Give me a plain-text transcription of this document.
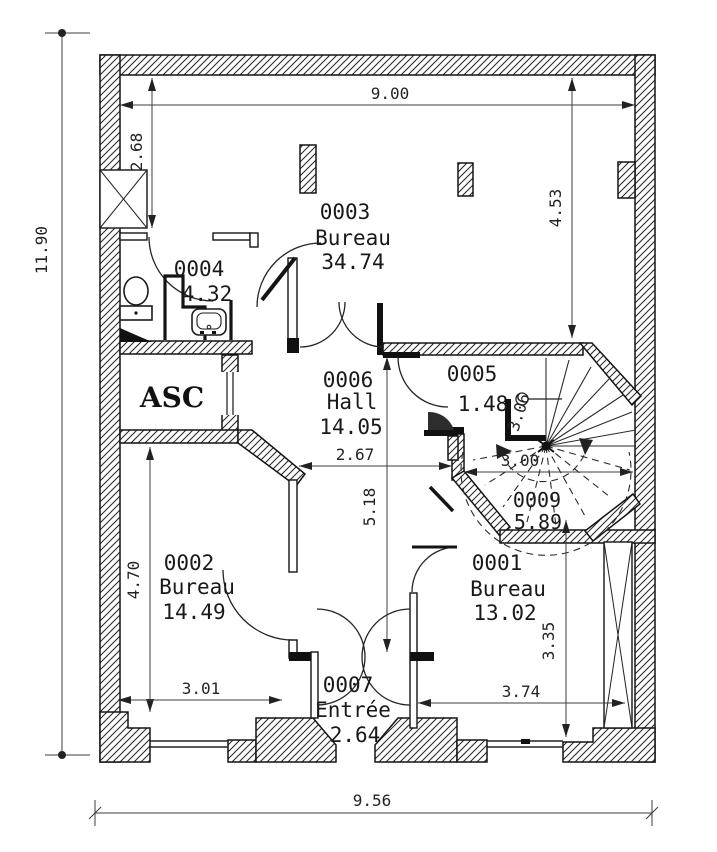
0003
Bureau
34.74
0004
4.32
ASC
0006
Hall
14.05
0005
1.48
0009
5.89
0002
Bureau
14.49
0001
Bureau
13.02
0007
Entrée
2.64
9.00
2.68
4.53
11.90
2.67	3.00
3.06
5.18
4.70
3.01
3.35
3.74
9.56
